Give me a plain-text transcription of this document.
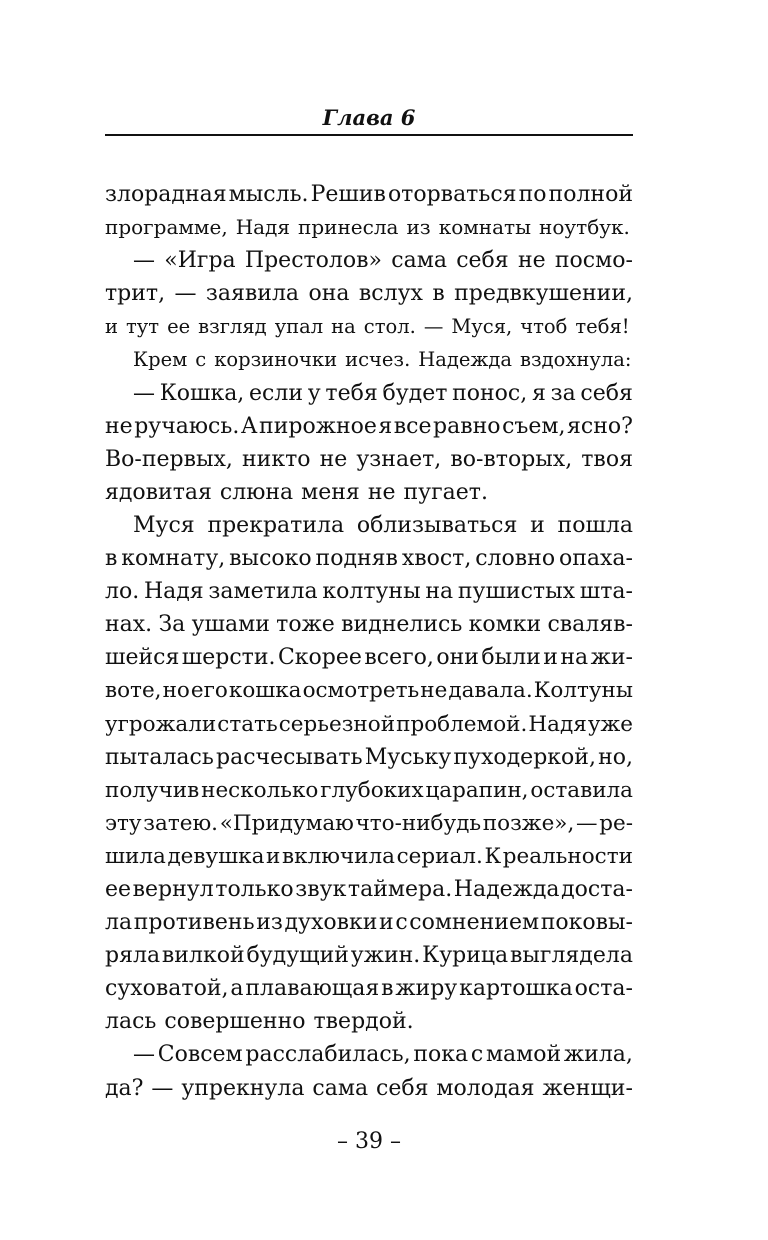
Глава 6
злорадная мысль. Решив оторваться по полной
программе, Надя принесла из комнаты ноутбук.
— «Игра Престолов» сама себя не посмо-
трит, — заявила она вслух в предвкушении,
и тут ее взгляд упал на стол. — Муся, чтоб тебя!
Крем с корзиночки исчез. Надежда вздохнула:
— Кошка, если у тебя будет понос, я за себя
не ручаюсь. А пирожное я все равно съем, ясно?
Во-первых, никто не узнает, во-вторых, твоя
ядовитая слюна меня не пугает.
Муся прекратила облизываться и пошла
в комнату, высоко подняв хвост, словно опаха-
ло. Надя заметила колтуны на пушистых шта-
нах. За ушами тоже виднелись комки сваляв-
шейся шерсти. Скорее всего, они были и на жи-
воте, но его кошка осмотреть не давала. Колтуны
угрожали стать серьезной проблемой. Надя уже
пыталась расчесывать Муську пуходеркой, но,
получив несколько глубоких царапин, оставила
эту затею. «Придумаю что-нибудь позже», — ре-
шила девушка и включила сериал. К реальности
ее вернул только звук таймера. Надежда доста-
ла противень из духовки и с сомнением поковы-
ряла вилкой будущий ужин. Курица выглядела
суховатой, а плавающая в жиру картошка оста-
лась совершенно твердой.
— Совсем расслабилась, пока с мамой жила,
да? — упрекнула сама себя молодая женщи-
– 39 –
